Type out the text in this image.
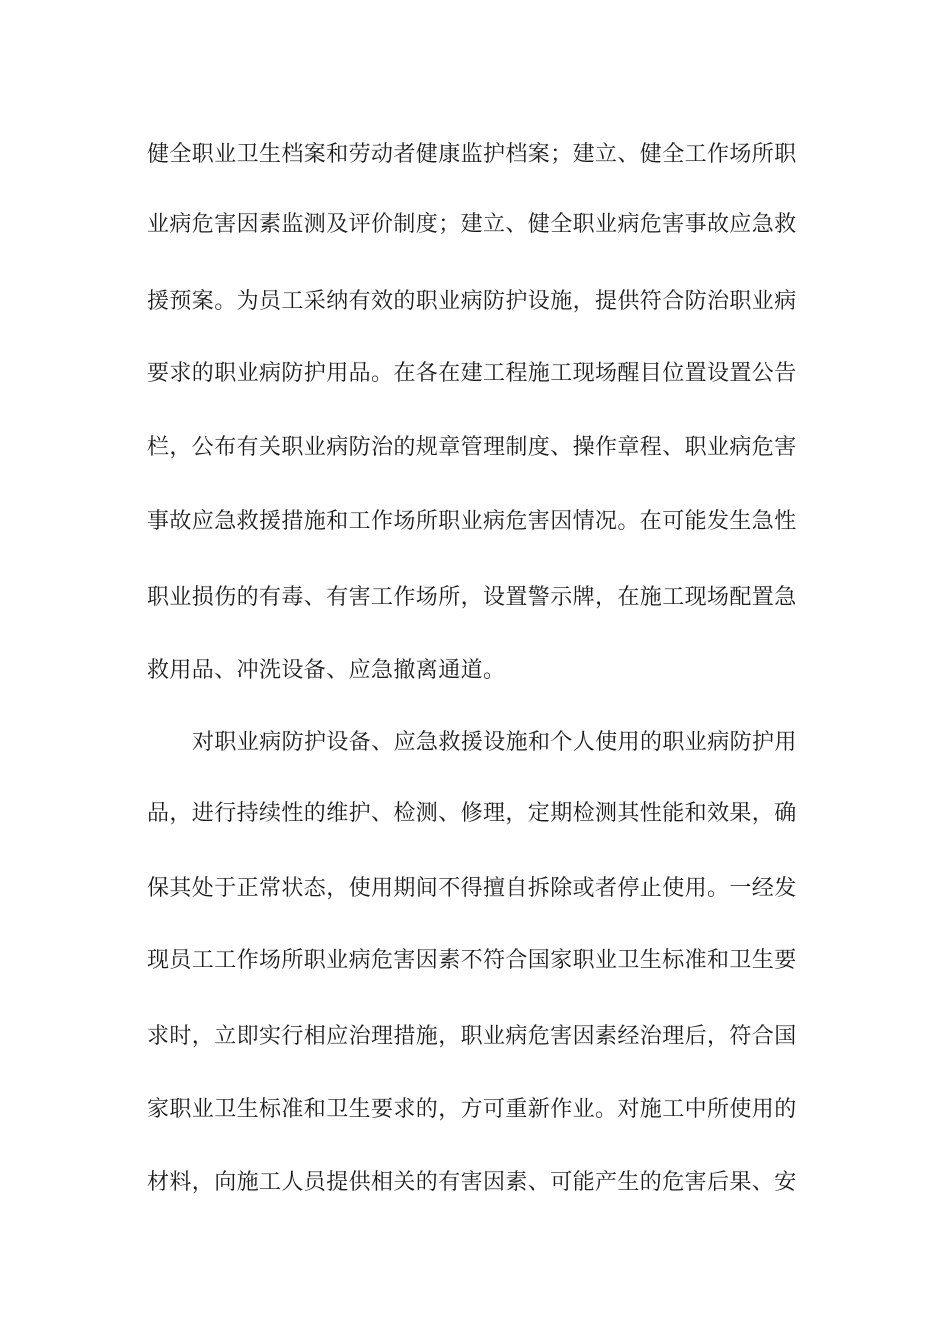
健全职业卫生档案和劳动者健康监护档案；建立、健全工作场所职
业病危害因素监测及评价制度；建立、健全职业病危害事故应急救
援预案。为员工采纳有效的职业病防护设施，提供符合防治职业病
要求的职业病防护用品。在各在建工程施工现场醒目位置设置公告
栏，公布有关职业病防治的规章管理制度、操作章程、职业病危害
事故应急救援措施和工作场所职业病危害因情况。在可能发生急性
职业损伤的有毒、有害工作场所，设置警示牌，在施工现场配置急
救用品、冲洗设备、应急撤离通道。
对职业病防护设备、应急救援设施和个人使用的职业病防护用
品，进行持续性的维护、检测、修理，定期检测其性能和效果，确
保其处于正常状态，使用期间不得擅自拆除或者停止使用。一经发
现员工工作场所职业病危害因素不符合国家职业卫生标准和卫生要
求时，立即实行相应治理措施，职业病危害因素经治理后，符合国
家职业卫生标准和卫生要求的，方可重新作业。对施工中所使用的
材料，向施工人员提供相关的有害因素、可能产生的危害后果、安
